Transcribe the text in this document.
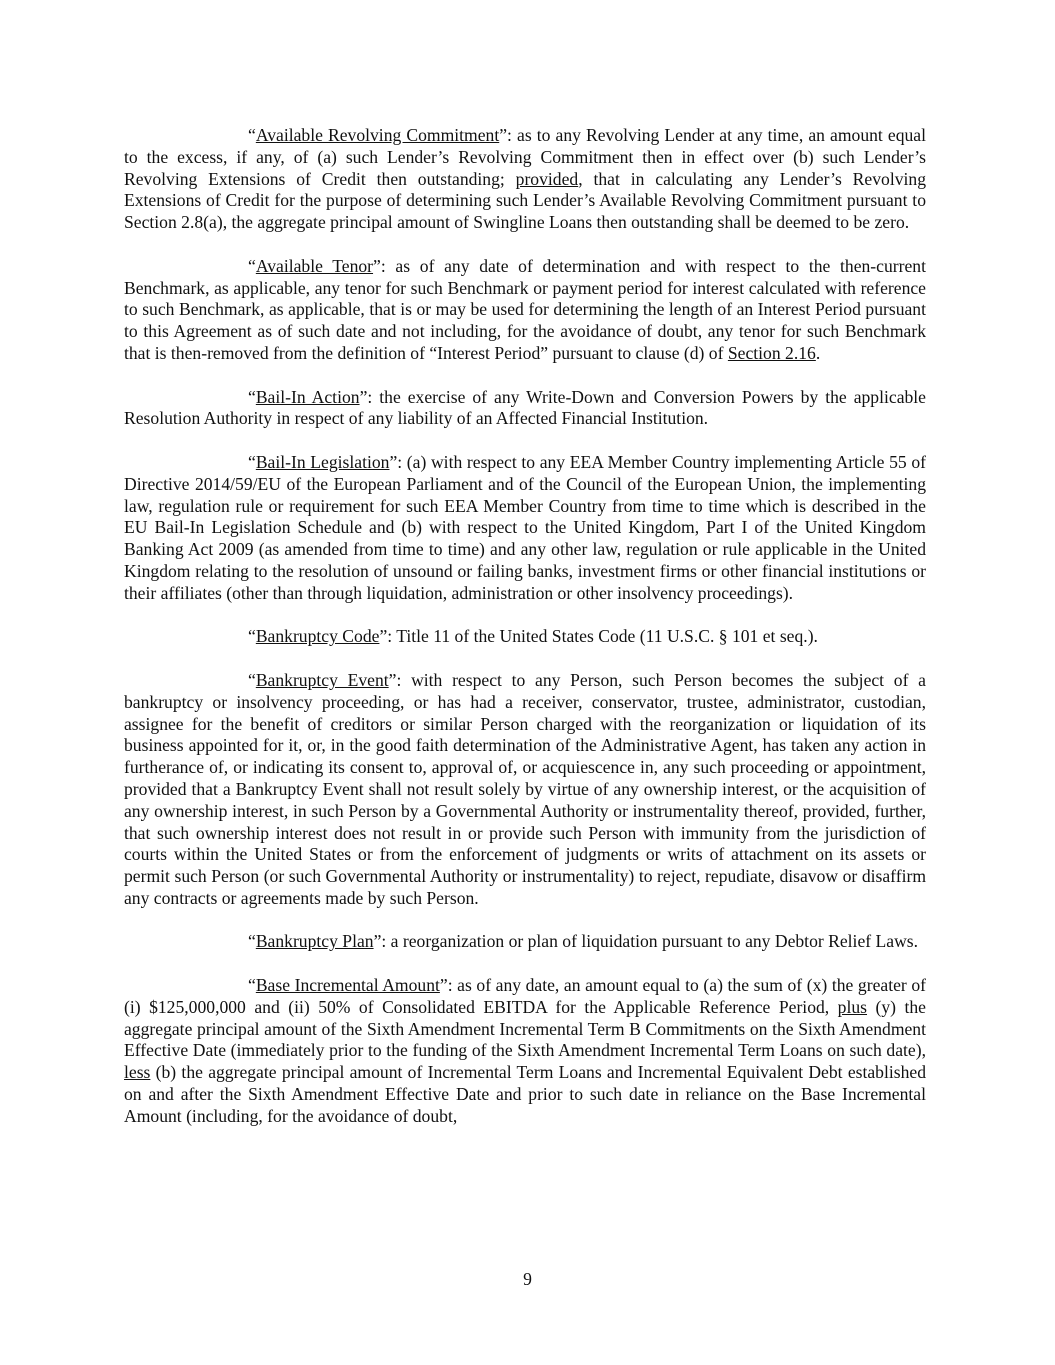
“Available Revolving Commitment”: as to any Revolving Lender at any time, an amount equal to the excess, if any, of (a) such Lender’s Revolving Commitment then in effect over (b) such Lender’s Revolving Extensions of Credit then outstanding; provided, that in calculating any Lender’s Revolving Extensions of Credit for the purpose of determining such Lender’s Available Revolving Commitment pursuant to Section 2.8(a), the aggregate principal amount of Swingline Loans then outstanding shall be deemed to be zero.

“Available Tenor”: as of any date of determination and with respect to the then-current Benchmark, as applicable, any tenor for such Benchmark or payment period for interest calculated with reference to such Benchmark, as applicable, that is or may be used for determining the length of an Interest Period pursuant to this Agreement as of such date and not including, for the avoidance of doubt, any tenor for such Benchmark that is then-removed from the definition of “Interest Period” pursuant to clause (d) of Section 2.16.

“Bail-In Action”: the exercise of any Write-Down and Conversion Powers by the applicable Resolution Authority in respect of any liability of an Affected Financial Institution.

“Bail-In Legislation”: (a) with respect to any EEA Member Country implementing Article 55 of Directive 2014/59/EU of the European Parliament and of the Council of the European Union, the implementing law, regulation rule or requirement for such EEA Member Country from time to time which is described in the EU Bail-In Legislation Schedule and (b) with respect to the United Kingdom, Part I of the United Kingdom Banking Act 2009 (as amended from time to time) and any other law, regulation or rule applicable in the United Kingdom relating to the resolution of unsound or failing banks, investment firms or other financial institutions or their affiliates (other than through liquidation, administration or other insolvency proceedings).

“Bankruptcy Code”: Title 11 of the United States Code (11 U.S.C. § 101 et seq.).

“Bankruptcy Event”: with respect to any Person, such Person becomes the subject of a bankruptcy or insolvency proceeding, or has had a receiver, conservator, trustee, administrator, custodian, assignee for the benefit of creditors or similar Person charged with the reorganization or liquidation of its business appointed for it, or, in the good faith determination of the Administrative Agent, has taken any action in furtherance of, or indicating its consent to, approval of, or acquiescence in, any such proceeding or appointment, provided that a Bankruptcy Event shall not result solely by virtue of any ownership interest, or the acquisition of any ownership interest, in such Person by a Governmental Authority or instrumentality thereof, provided, further, that such ownership interest does not result in or provide such Person with immunity from the jurisdiction of courts within the United States or from the enforcement of judgments or writs of attachment on its assets or permit such Person (or such Governmental Authority or instrumentality) to reject, repudiate, disavow or disaffirm any contracts or agreements made by such Person.

“Bankruptcy Plan”: a reorganization or plan of liquidation pursuant to any Debtor Relief Laws.

“Base Incremental Amount”: as of any date, an amount equal to (a) the sum of (x) the greater of (i) $125,000,000 and (ii) 50% of Consolidated EBITDA for the Applicable Reference Period, plus (y) the aggregate principal amount of the Sixth Amendment Incremental Term B Commitments on the Sixth Amendment Effective Date (immediately prior to the funding of the Sixth Amendment Incremental Term Loans on such date), less (b) the aggregate principal amount of Incremental Term Loans and Incremental Equivalent Debt established on and after the Sixth Amendment Effective Date and prior to such date in reliance on the Base Incremental Amount (including, for the avoidance of doubt,

9
